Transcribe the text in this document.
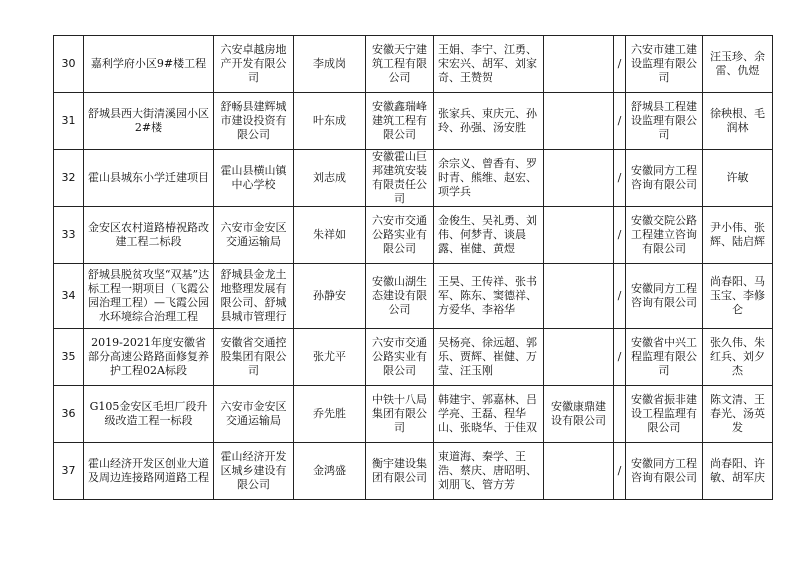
30	嘉利学府小区9#楼工程	六安卓越房地产开发有限公司	李成岗	安徽天宁建筑工程有限公司	王娟、李宁、江勇、宋宏兴、胡军、刘家奇、王赞贺		/	六安市建工建设监理有限公司	汪玉珍、余雷、仇煜
31	舒城县西大街清溪园小区2#楼	舒畅县建辉城市建设投资有限公司	叶东成	安徽鑫瑞峰建筑工程有限公司	张家兵、束庆元、孙玲、孙强、汤安胜		/	舒城县工程建设监理有限公司	徐秧根、毛润林
32	霍山县城东小学迁建项目	霍山县横山镇中心学校	刘志成	安徽霍山巨邦建筑安装有限责任公司	余宗义、曾香有、罗时青、熊维、赵宏、项学兵		/	安徽同方工程咨询有限公司	许敏
33	金安区农村道路椿祝路改建工程二标段	六安市金安区交通运输局	朱祥如	六安市交通公路实业有限公司	金俊生、吴礼勇、刘伟、何梦青、谈晨露、崔健、黄煜		/	安徽交院公路工程建立咨询有限公司	尹小伟、张辉、陆启辉
34	舒城县脱贫攻坚“双基”达标工程一期项目（飞霞公园治理工程）—飞霞公园水环境综合治理工程	舒城县金龙土地整理发展有限公司、舒城县城市管理行	孙静安	安徽山湖生态建设有限公司	王昊、王传祥、张书军、陈东、窦德祥、方爱华、李裕华		/	安徽同方工程咨询有限公司	尚春阳、马玉宝、李修仑
35	2019-2021年度安徽省部分高速公路路面修复养护工程02A标段	安徽省交通控股集团有限公司	张尤平	六安市交通公路实业有限公司	吴杨亮、徐远超、郭乐、贾辉、崔健、万莹、汪玉刚		/	安徽省中兴工程监理有限公司	张久伟、朱红兵、刘夕杰
36	G105金安区毛坦厂段升级改造工程一标段	六安市金安区交通运输局	乔先胜	中铁十八局集团有限公司	韩建宇、郭嘉林、吕学亮、王磊、程华山、张晓华、于佳双	安徽康鼎建设有限公司		安徽省振非建设工程监理有限公司	陈文清、王春光、汤英发
37	霍山经济开发区创业大道及周边连接路网道路工程	霍山经济开发区城乡建设有限公司	金鸿盛	衡宇建设集团有限公司	束道海、秦学、王浩、蔡庆、唐昭明、刘朋飞、管方芳		/	安徽同方工程咨询有限公司	尚春阳、许敏、胡军庆
